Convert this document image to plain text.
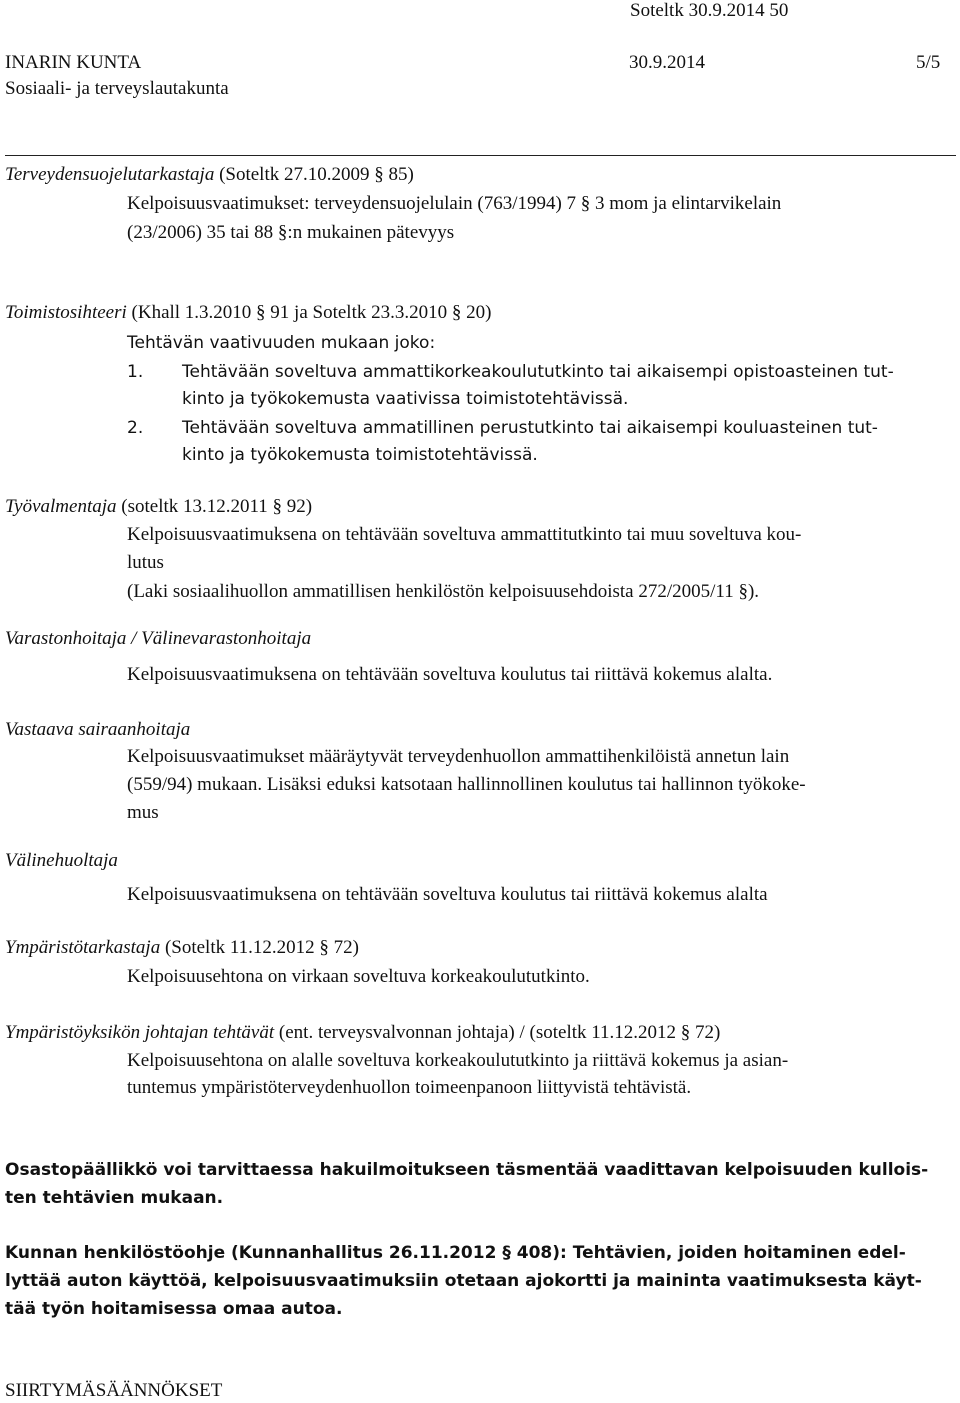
Soteltk 30.9.2014 50
INARIN KUNTA	30.9.2014	5/5
Sosiaali- ja terveyslautakunta
Terveydensuojelutarkastaja (Soteltk 27.10.2009 § 85)
Kelpoisuusvaatimukset: terveydensuojelulain (763/1994) 7 § 3 mom ja elintarvikelain
(23/2006) 35 tai 88 §:n mukainen pätevyys
Toimistosihteeri (Khall 1.3.2010 § 91 ja Soteltk 23.3.2010 § 20)
Tehtävän vaativuuden mukaan joko:
1. Tehtävään soveltuva ammattikorkeakoulututkinto tai aikaisempi opistoasteinen tut-
kinto ja työkokemusta vaativissa toimistotehtävissä.
2. Tehtävään soveltuva ammatillinen perustutkinto tai aikaisempi kouluasteinen tut-
kinto ja työkokemusta toimistotehtävissä.
Työvalmentaja (soteltk 13.12.2011 § 92)
Kelpoisuusvaatimuksena on tehtävään soveltuva ammattitutkinto tai muu soveltuva kou-
lutus
(Laki sosiaalihuollon ammatillisen henkilöstön kelpoisuusehdoista 272/2005/11 §).
Varastonhoitaja / Välinevarastonhoitaja
Kelpoisuusvaatimuksena on tehtävään soveltuva koulutus tai riittävä kokemus alalta.
Vastaava sairaanhoitaja
Kelpoisuusvaatimukset määräytyvät terveydenhuollon ammattihenkilöistä annetun lain
(559/94) mukaan. Lisäksi eduksi katsotaan hallinnollinen koulutus tai hallinnon työkoke-
mus
Välinehuoltaja
Kelpoisuusvaatimuksena on tehtävään soveltuva koulutus tai riittävä kokemus alalta
Ympäristötarkastaja (Soteltk 11.12.2012 § 72)
Kelpoisuusehtona on virkaan soveltuva korkeakoulututkinto.
Ympäristöyksikön johtajan tehtävät (ent. terveysvalvonnan johtaja) / (soteltk 11.12.2012 § 72)
Kelpoisuusehtona on alalle soveltuva korkeakoulututkinto ja riittävä kokemus ja asian-
tuntemus ympäristöterveydenhuollon toimeenpanoon liittyvistä tehtävistä.
Osastopäällikkö voi tarvittaessa hakuilmoitukseen täsmentää vaadittavan kelpoisuuden kullois-
ten tehtävien mukaan.
Kunnan henkilöstöohje (Kunnanhallitus 26.11.2012 § 408): Tehtävien, joiden hoitaminen edel-
lyttää auton käyttöä, kelpoisuusvaatimuksiin otetaan ajokortti ja maininta vaatimuksesta käyt-
tää työn hoitamisessa omaa autoa.
SIIRTYMÄSÄÄNNÖKSET
